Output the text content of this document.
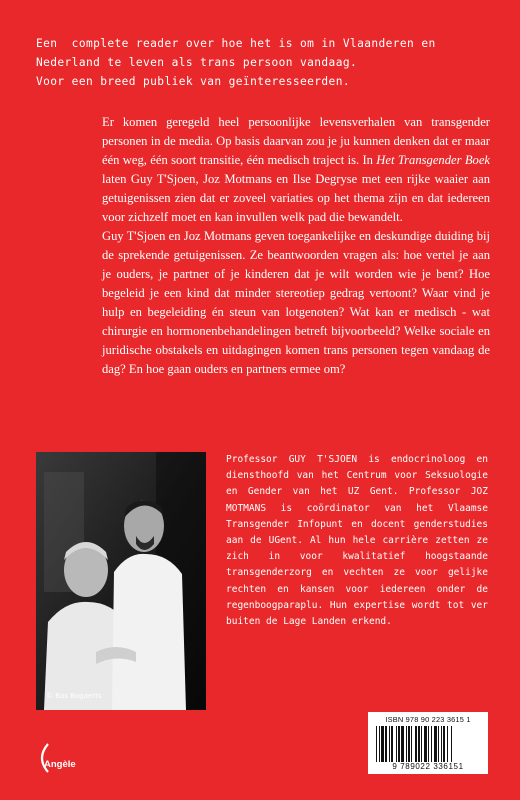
Een  complete reader over hoe het is om in Vlaanderen en
Nederland te leven als trans persoon vandaag.
Voor een breed publiek van geïnteresseerden.

Er komen geregeld heel persoonlijke levensverhalen van transgender personen in de media. Op basis daarvan zou je ju kunnen denken dat er maar één weg, één soort transitie, één medisch traject is. In Het Transgender Boek laten Guy T'Sjoen, Joz Motmans en Ilse Degryse met een rijke waaier aan getuigenissen zien dat er zoveel variaties op het thema zijn en dat iedereen voor zichzelf moet en kan invullen welk pad die bewandelt.

Guy T'Sjoen en Joz Motmans geven toegankelijke en deskundige duiding bij de sprekende getuigenissen. Ze beantwoorden vragen als: hoe vertel je aan je ouders, je partner of je kinderen dat je wilt worden wie je bent? Hoe begeleid je een kind dat minder stereotiep gedrag vertoont? Waar vind je hulp en begeleiding én steun van lotgenoten? Wat kan er medisch - wat chirurgie en hormonenbehandelingen betreft bijvoorbeeld? Welke sociale en juridische obstakels en uitdagingen komen trans personen tegen vandaag de dag? En hoe gaan ouders en partners ermee om?

© Bas Bogaerts
Professor GUY T'SJOEN is endocrinoloog en diensthoofd van het Centrum voor Seksuologie en Gender van het UZ Gent. Professor JOZ MOTMANS is coördinator van het Vlaamse Transgender Infopunt en docent genderstudies aan de UGent. Al hun hele carrière zetten ze zich in voor kwalitatief hoogstaande transgenderzorg en vechten ze voor gelijke rechten en kansen voor iedereen onder de regenboogparaplu. Hun expertise wordt tot ver buiten de Lage Landen erkend.
ISBN 978 90 223 3615 1
9 789022 336151
Angèle
